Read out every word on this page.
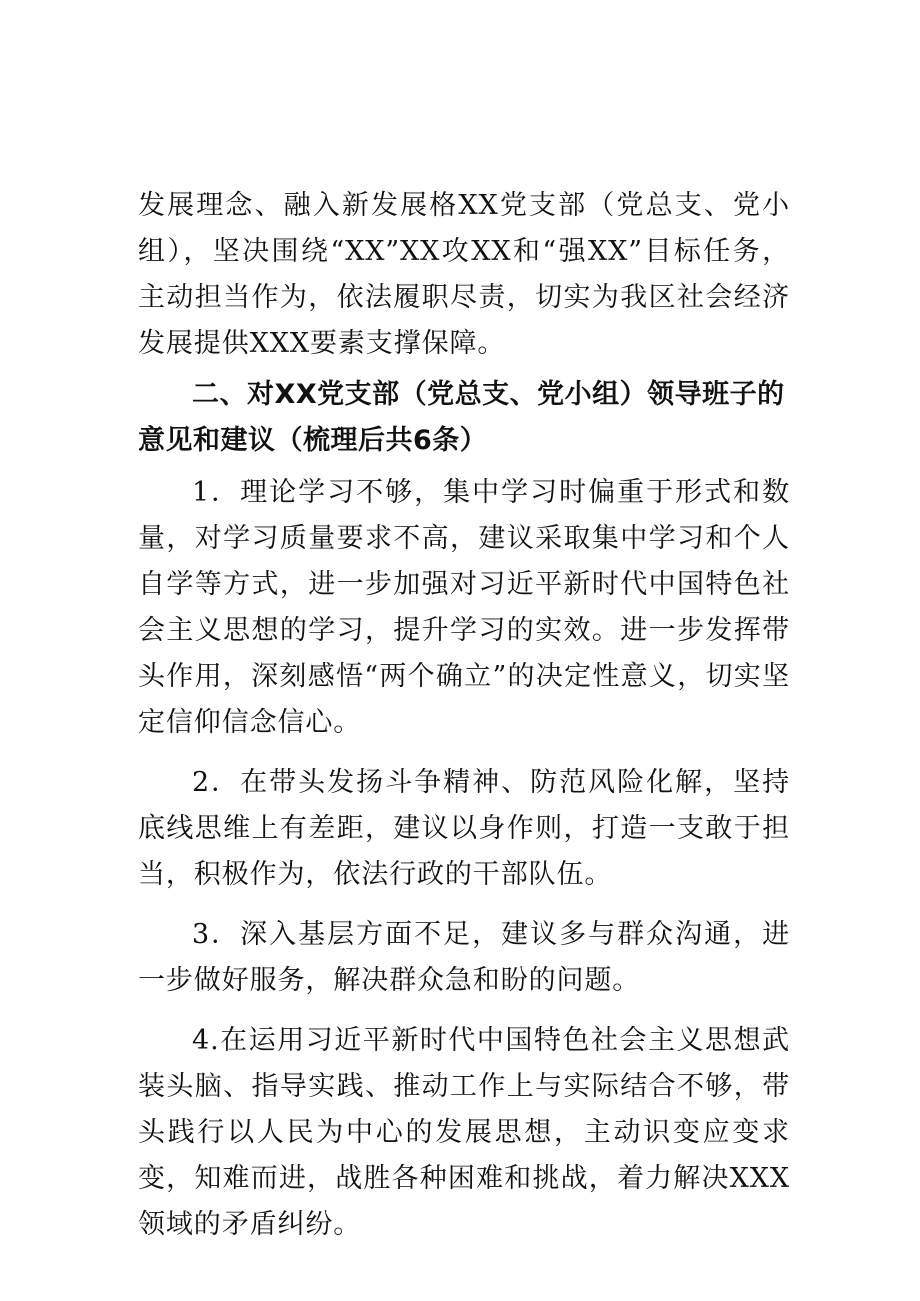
发展理念、融入新发展格XX党支部（党总支、党小组），坚决围绕“XX”XX攻XX和“强XX”目标任务，主动担当作为，依法履职尽责，切实为我区社会经济发展提供XXX要素支撑保障。

二、对XX党支部（党总支、党小组）领导班子的意见和建议（梳理后共6条）

1．理论学习不够，集中学习时偏重于形式和数量，对学习质量要求不高，建议采取集中学习和个人自学等方式，进一步加强对习近平新时代中国特色社会主义思想的学习，提升学习的实效。进一步发挥带头作用，深刻感悟“两个确立”的决定性意义，切实坚定信仰信念信心。

2．在带头发扬斗争精神、防范风险化解，坚持底线思维上有差距，建议以身作则，打造一支敢于担当，积极作为，依法行政的干部队伍。

3．深入基层方面不足，建议多与群众沟通，进一步做好服务，解决群众急和盼的问题。

4.在运用习近平新时代中国特色社会主义思想武装头脑、指导实践、推动工作上与实际结合不够，带头践行以人民为中心的发展思想，主动识变应变求变，知难而进，战胜各种困难和挑战，着力解决XXX领域的矛盾纠纷。
